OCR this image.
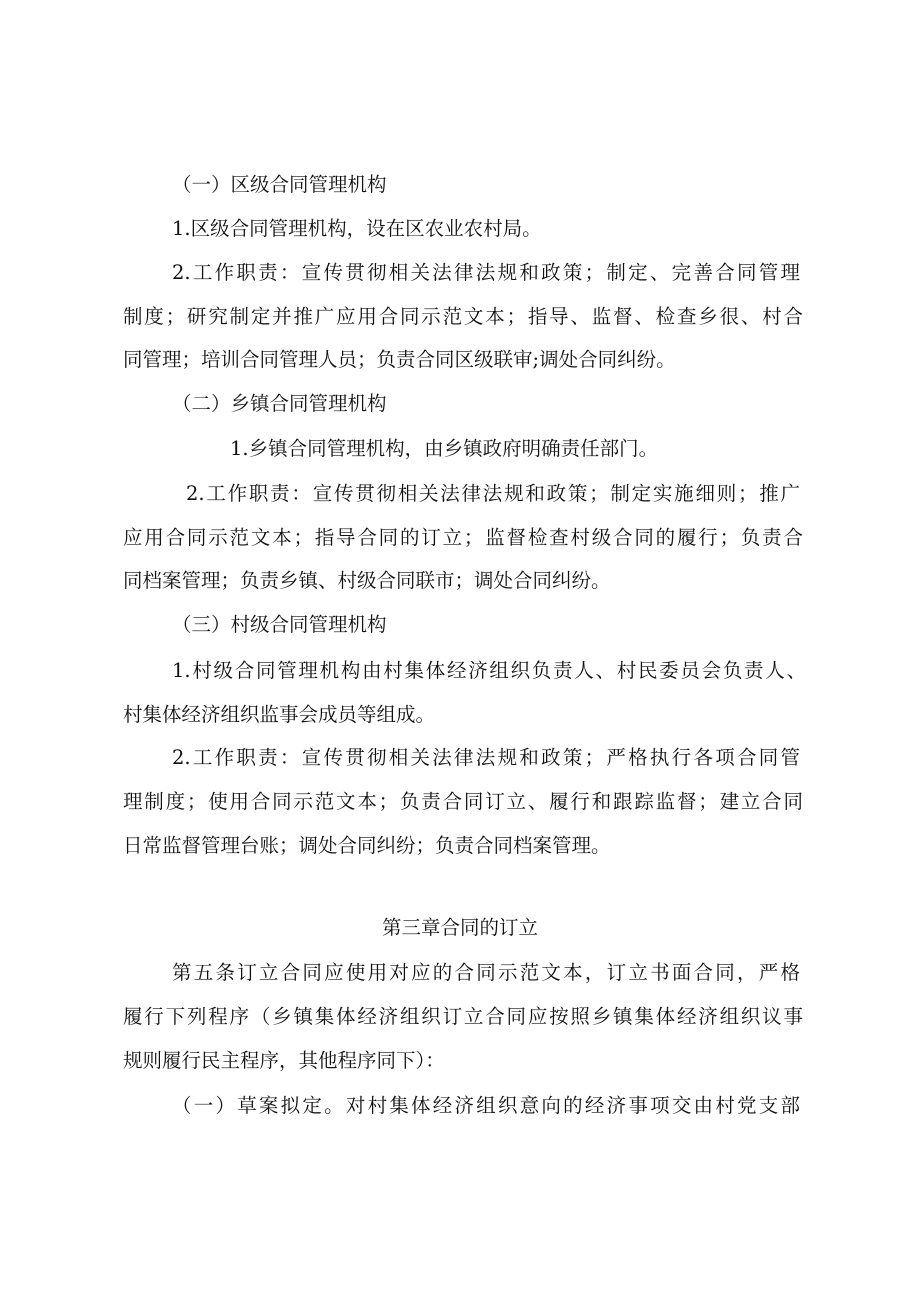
（一）区级合同管理机构
1.区级合同管理机构，设在区农业农村局。
2.工作职责：宣传贯彻相关法律法规和政策；制定、完善合同管理
制度；研究制定并推广应用合同示范文本；指导、监督、检查乡很、村合
同管理；培训合同管理人员；负责合同区级联审;调处合同纠纷。
（二）乡镇合同管理机构
1.乡镇合同管理机构，由乡镇政府明确责任部门。
2.工作职责：宣传贯彻相关法律法规和政策；制定实施细则；推广
应用合同示范文本；指导合同的订立；监督检查村级合同的履行；负责合
同档案管理；负责乡镇、村级合同联市；调处合同纠纷。
（三）村级合同管理机构
1.村级合同管理机构由村集体经济组织负责人、村民委员会负责人、
村集体经济组织监事会成员等组成。
2.工作职责：宣传贯彻相关法律法规和政策；严格执行各项合同管
理制度；使用合同示范文本；负责合同订立、履行和跟踪监督；建立合同
日常监督管理台账；调处合同纠纷；负责合同档案管理。
第三章合同的订立
第五条订立合同应使用对应的合同示范文本，订立书面合同，严格
履行下列程序（乡镇集体经济组织订立合同应按照乡镇集体经济组织议事
规则履行民主程序，其他程序同下）：
（一）草案拟定。对村集体经济组织意向的经济事项交由村党支部
